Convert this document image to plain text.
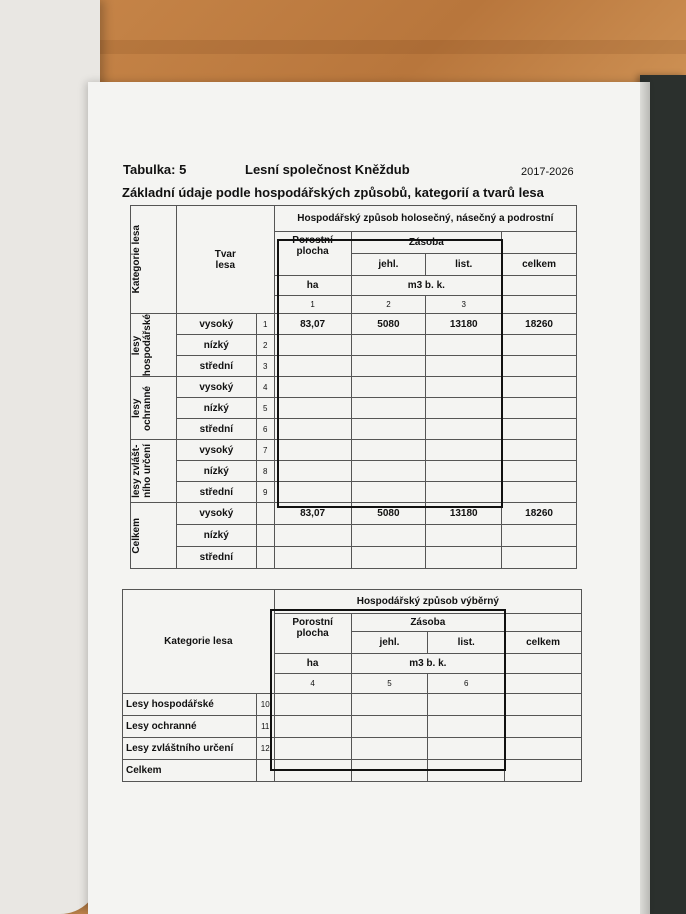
Tabulka: 5	Lesní společnost Kněždub	2017-2026
Základní údaje podle hospodářských způsobů, kategorií a tvarů lesa
Kategorie lesa	Tvar
lesa		Hospodářský způsob holosečný, násečný a podrostní			
			Porostní
plocha	Zásoba		
				jehl.	list.	celkem
			ha	m3 b. k.		
			1	2	3	

lesy
hospodářské	vysoký	1	83,07	5080	13180	18260
	nízký	2				
	střední	3				

lesy
ochranné	vysoký	4				
	nízký	5				
	střední	6				

lesy zvlášt-
ního určení	vysoký	7				
	nízký	8				
	střední	9				

Celkem	vysoký		83,07	5080	13180	18260
	nízký					
	střední					
Kategorie lesa		Hospodářský způsob výběrný			
		Porostní
plocha	Zásoba		
			jehl.	list.	celkem
		ha	m3 b. k.		
		4	5	6	
Lesy hospodářské	10				
Lesy ochranné	11				
Lesy zvláštního určení	12				
Celkem					
